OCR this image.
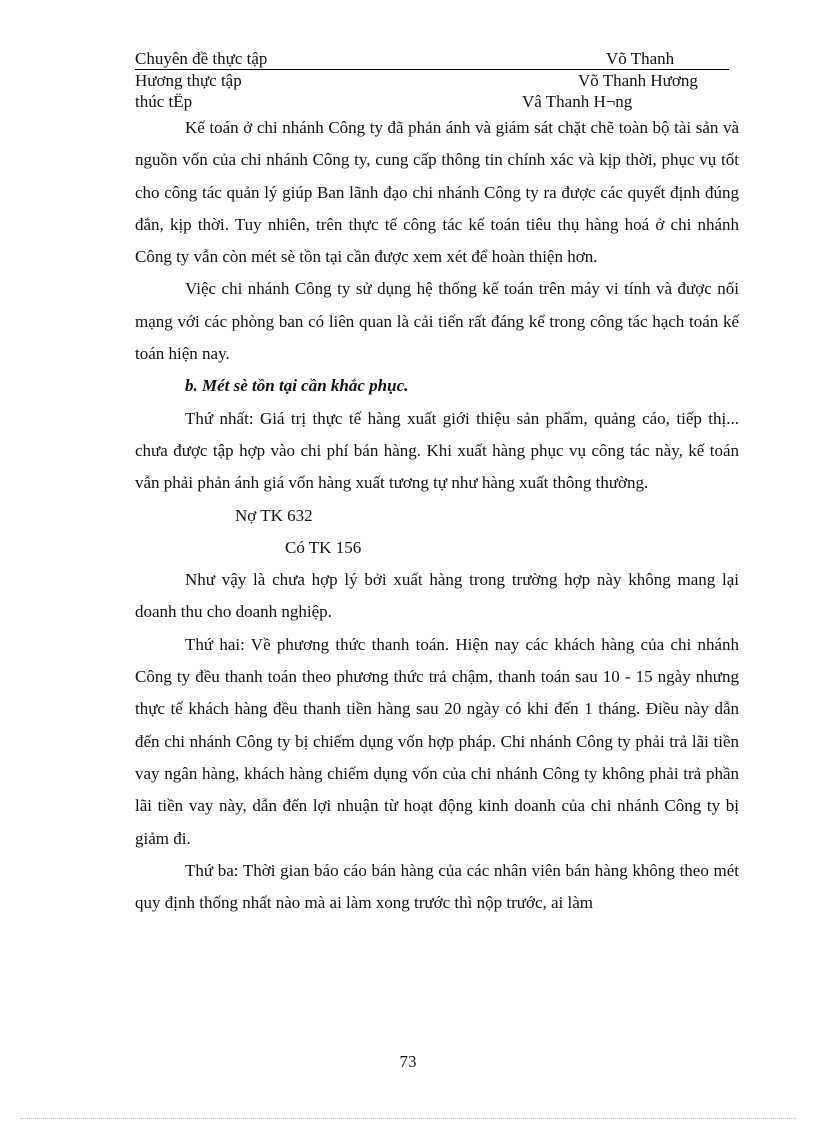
Chuyên đề thực tập	Võ Thanh
Hương thực tập	Võ Thanh Hương
thúc tËp	Vâ Thanh H¬ng

Kế toán ở chi nhánh Công ty đã phản ánh và giám sát chặt chẽ toàn bộ tài sản và nguồn vốn của chi nhánh Công ty, cung cấp thông tin chính xác và kịp thời, phục vụ tốt cho công tác quản lý giúp Ban lãnh đạo chi nhánh Công ty ra được các quyết định đúng đắn, kịp thời. Tuy nhiên, trên thực tế công tác kế toán tiêu thụ hàng hoá ở chi nhánh Công ty vẫn còn mét sè tồn tại cần được xem xét để hoàn thiện hơn.

Việc chi nhánh Công ty sử dụng hệ thống kế toán trên máy vi tính và được nối mạng với các phòng ban có liên quan là cải tiến rất đáng kể trong công tác hạch toán kế toán hiện nay.

b. Mét sè tồn tại cần khắc phục.

Thứ nhất: Giá trị thực tế hàng xuất giới thiệu sản phẩm, quảng cáo, tiếp thị... chưa được tập hợp vào chi phí bán hàng. Khi xuất hàng phục vụ công tác này, kế toán vẫn phải phản ánh giá vốn hàng xuất tương tự như hàng xuất thông thường.

Nợ TK 632

Có TK 156

Như vậy là chưa hợp lý bởi xuất hàng trong trường hợp này không mang lại doanh thu cho doanh nghiệp.

Thứ hai: Về phương thức thanh toán. Hiện nay các khách hàng của chi nhánh Công ty đều thanh toán theo phương thức trả chậm, thanh toán sau 10 - 15 ngày nhưng thực tế khách hàng đều thanh tiền hàng sau 20 ngày có khi đến 1 tháng. Điều này dẫn đến chi nhánh Công ty bị chiếm dụng vốn hợp pháp. Chi nhánh Công ty phải trả lãi tiền vay ngân hàng, khách hàng chiếm dụng vốn của chi nhánh Công ty không phải trả phần lãi tiền vay này, dẫn đến lợi nhuận từ hoạt động kinh doanh của chi nhánh Công ty bị giảm đi.

Thứ ba: Thời gian báo cáo bán hàng của các nhân viên bán hàng không theo mét quy định thống nhất nào mà ai làm xong trước thì nộp trước, ai làm

73
